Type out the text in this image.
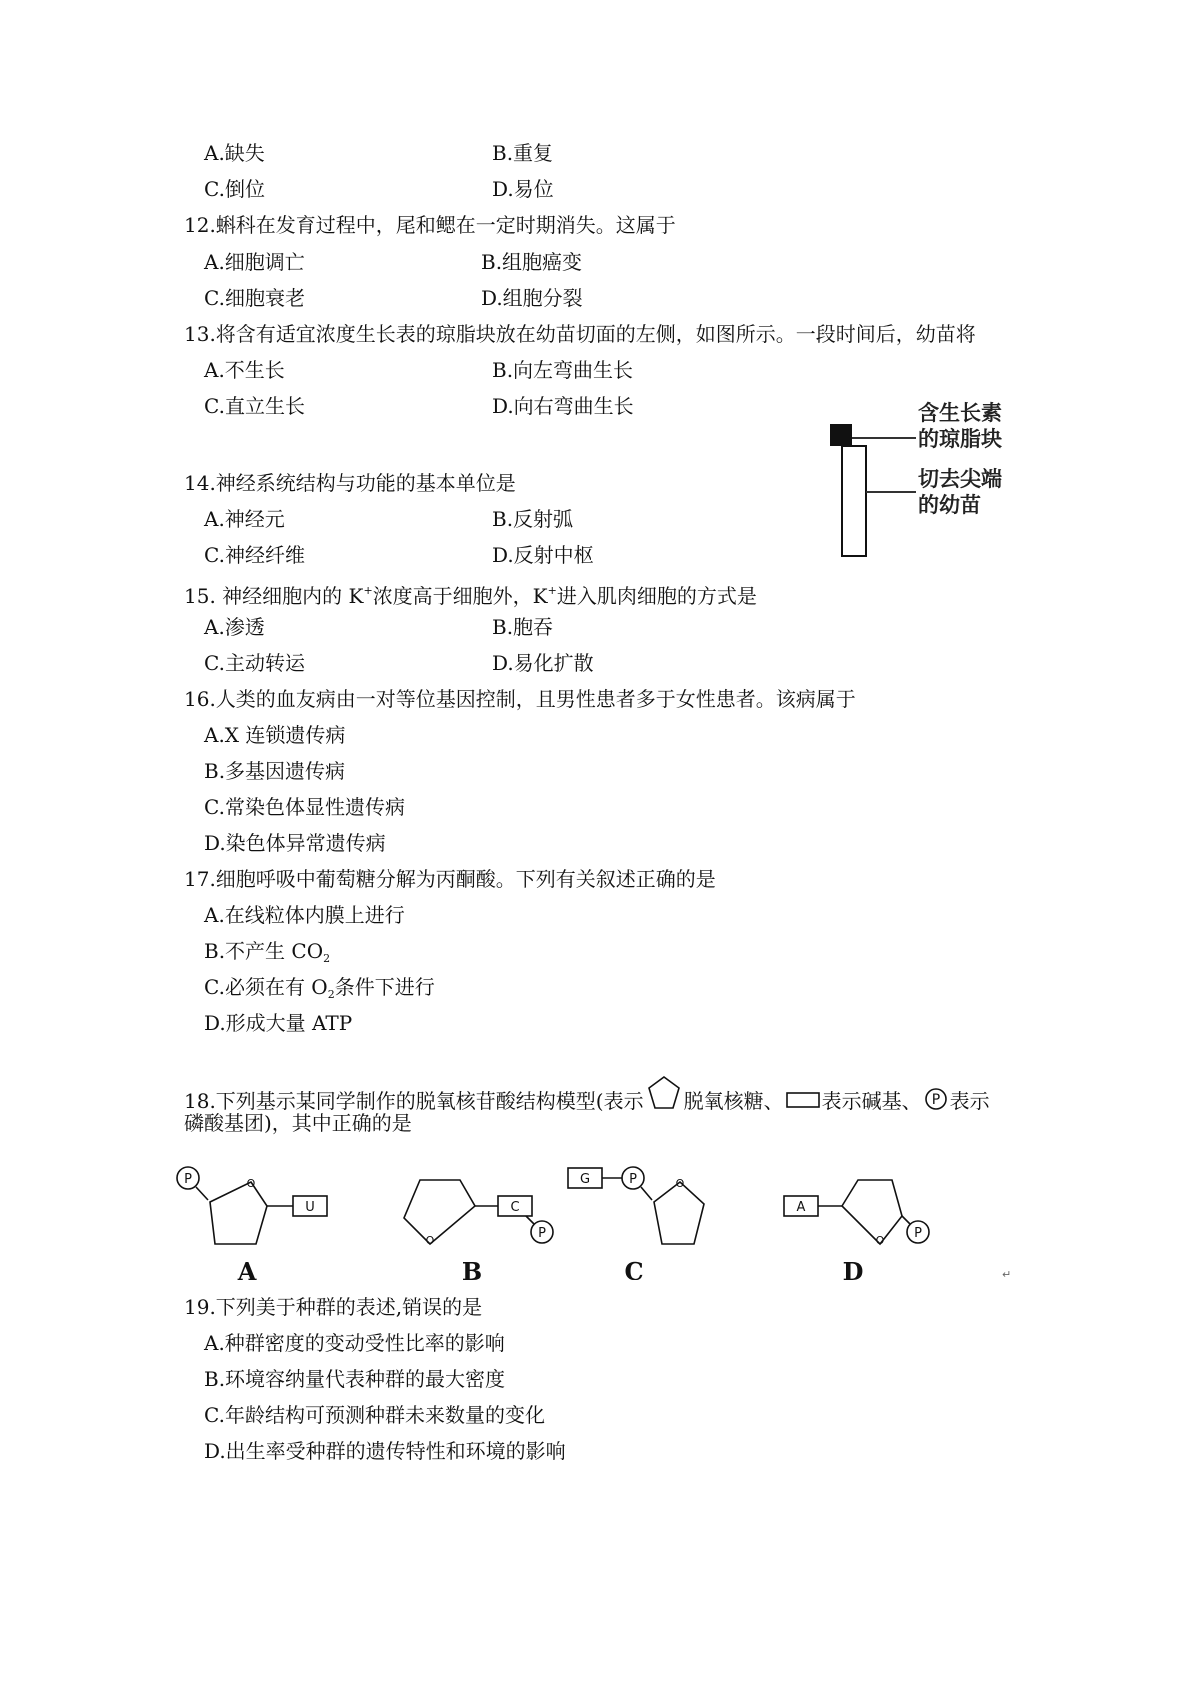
A.缺失	B.重复
C.倒位	D.易位
12.蝌科在发育过程中，尾和鳃在一定时期消失。这属于
A.细胞调亡	B.组胞癌变
C.细胞衰老	D.组胞分裂
13.将含有适宜浓度生长表的琼脂块放在幼苗切面的左侧，如图所示。一段时间后，幼苗将
A.不生长	B.向左弯曲生长
C.直立生长	D.向右弯曲生长	含生长素
的琼脂块
切去尖端
的幼苗
14.神经系统结构与功能的基本单位是
A.神经元	B.反射弧
C.神经纤维	D.反射中枢
15. 神经细胞内的 K+浓度高于细胞外，K+进入肌肉细胞的方式是
A.渗透	B.胞吞
C.主动转运	D.易化扩散
16.人类的血友病由一对等位基因控制，且男性患者多于女性患者。该病属于
A.X 连锁遗传病
B.多基因遗传病
C.常染色体显性遗传病
D.染色体异常遗传病
17.细胞呼吸中葡萄糖分解为丙酮酸。下列有关叙述正确的是
A.在线粒体内膜上进行
B.不产生 $CO_2$
C.必须在有 $O_2$条件下进行
D.形成大量 ATP
18.下列基示某同学制作的脱氧核苷酸结构模型(表示 脱氧核糖、 表示碱基、 P 表示
磷酸基团)，其中正确的是
P	O
U
A
O
C
P
B
G	P	O
C
A
O P
D	↵
19.下列美于种群的表述,销误的是
A.种群密度的变动受性比率的影响
B.环境容纳量代表种群的最大密度
C.年龄结构可预测种群未来数量的变化
D.出生率受种群的遗传特性和环境的影响
